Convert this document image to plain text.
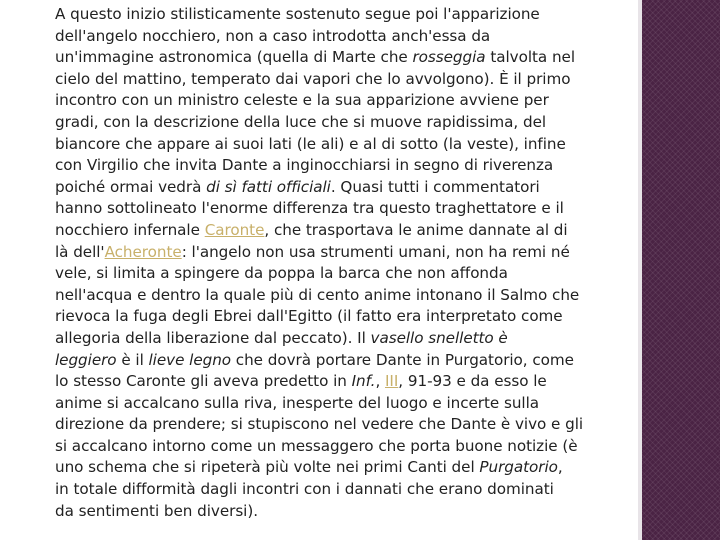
A questo inizio stilisticamente sostenuto segue poi l'apparizione
dell'angelo nocchiero, non a caso introdotta anch'essa da
un'immagine astronomica (quella di Marte che rosseggia talvolta nel
cielo del mattino, temperato dai vapori che lo avvolgono). È il primo
incontro con un ministro celeste e la sua apparizione avviene per
gradi, con la descrizione della luce che si muove rapidissima, del
biancore che appare ai suoi lati (le ali) e al di sotto (la veste), infine
con Virgilio che invita Dante a inginocchiarsi in segno di riverenza
poiché ormai vedrà di sì fatti officiali. Quasi tutti i commentatori
hanno sottolineato l'enorme differenza tra questo traghettatore e il
nocchiero infernale Caronte, che trasportava le anime dannate al di
là dell'Acheronte: l'angelo non usa strumenti umani, non ha remi né
vele, si limita a spingere da poppa la barca che non affonda
nell'acqua e dentro la quale più di cento anime intonano il Salmo che
rievoca la fuga degli Ebrei dall'Egitto (il fatto era interpretato come
allegoria della liberazione dal peccato). Il vasello snelletto è
leggiero è il lieve legno che dovrà portare Dante in Purgatorio, come
lo stesso Caronte gli aveva predetto in Inf., III, 91-93 e da esso le
anime si accalcano sulla riva, inesperte del luogo e incerte sulla
direzione da prendere; si stupiscono nel vedere che Dante è vivo e gli
si accalcano intorno come un messaggero che porta buone notizie (è
uno schema che si ripeterà più volte nei primi Canti del Purgatorio,
in totale difformità dagli incontri con i dannati che erano dominati
da sentimenti ben diversi).
